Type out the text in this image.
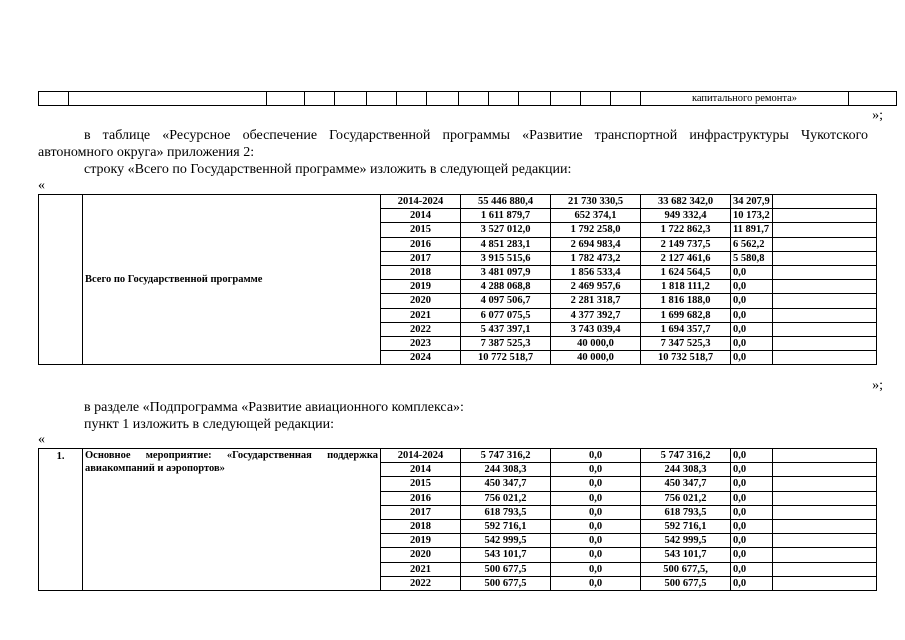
														капитального ремонта»	
»;

в таблице «Ресурсное обеспечение Государственной программы «Развитие транспортной инфраструктуры Чукотского автономного округа» приложения 2:

строку «Всего по Государственной программе» изложить в следующей редакции:

«
	Всего по Государственной программе	2014-2024	55 446 880,4	21 730 330,5	33 682 342,0	34 207,9	
		2014	1 611 879,7	652 374,1	949 332,4	10 173,2	
		2015	3 527 012,0	1 792 258,0	1 722 862,3	11 891,7	
		2016	4 851 283,1	2 694 983,4	2 149 737,5	6 562,2	
		2017	3 915 515,6	1 782 473,2	2 127 461,6	5 580,8	
		2018	3 481 097,9	1 856 533,4	1 624 564,5	0,0	
		2019	4 288 068,8	2 469 957,6	1 818 111,2	0,0	
		2020	4 097 506,7	2 281 318,7	1 816 188,0	0,0	
		2021	6 077 075,5	4 377 392,7	1 699 682,8	0,0	
		2022	5 437 397,1	3 743 039,4	1 694 357,7	0,0	
		2023	7 387 525,3	40 000,0	7 347 525,3	0,0	
		2024	10 772 518,7	40 000,0	10 732 518,7	0,0	
»;

в разделе «Подпрограмма «Развитие авиационного комплекса»:

пункт 1 изложить в следующей редакции:

«
1.	Основное мероприятие: «Государственная поддержка авиакомпаний и аэропортов»	2014-2024	5 747 316,2	0,0	5 747 316,2	0,0	
		2014	244 308,3	0,0	244 308,3	0,0	
		2015	450 347,7	0,0	450 347,7	0,0	
		2016	756 021,2	0,0	756 021,2	0,0	
		2017	618 793,5	0,0	618 793,5	0,0	
		2018	592 716,1	0,0	592 716,1	0,0	
		2019	542 999,5	0,0	542 999,5	0,0	
		2020	543 101,7	0,0	543 101,7	0,0	
		2021	500 677,5	0,0	500 677,5,	0,0	
		2022	500 677,5	0,0	500 677,5	0,0	
